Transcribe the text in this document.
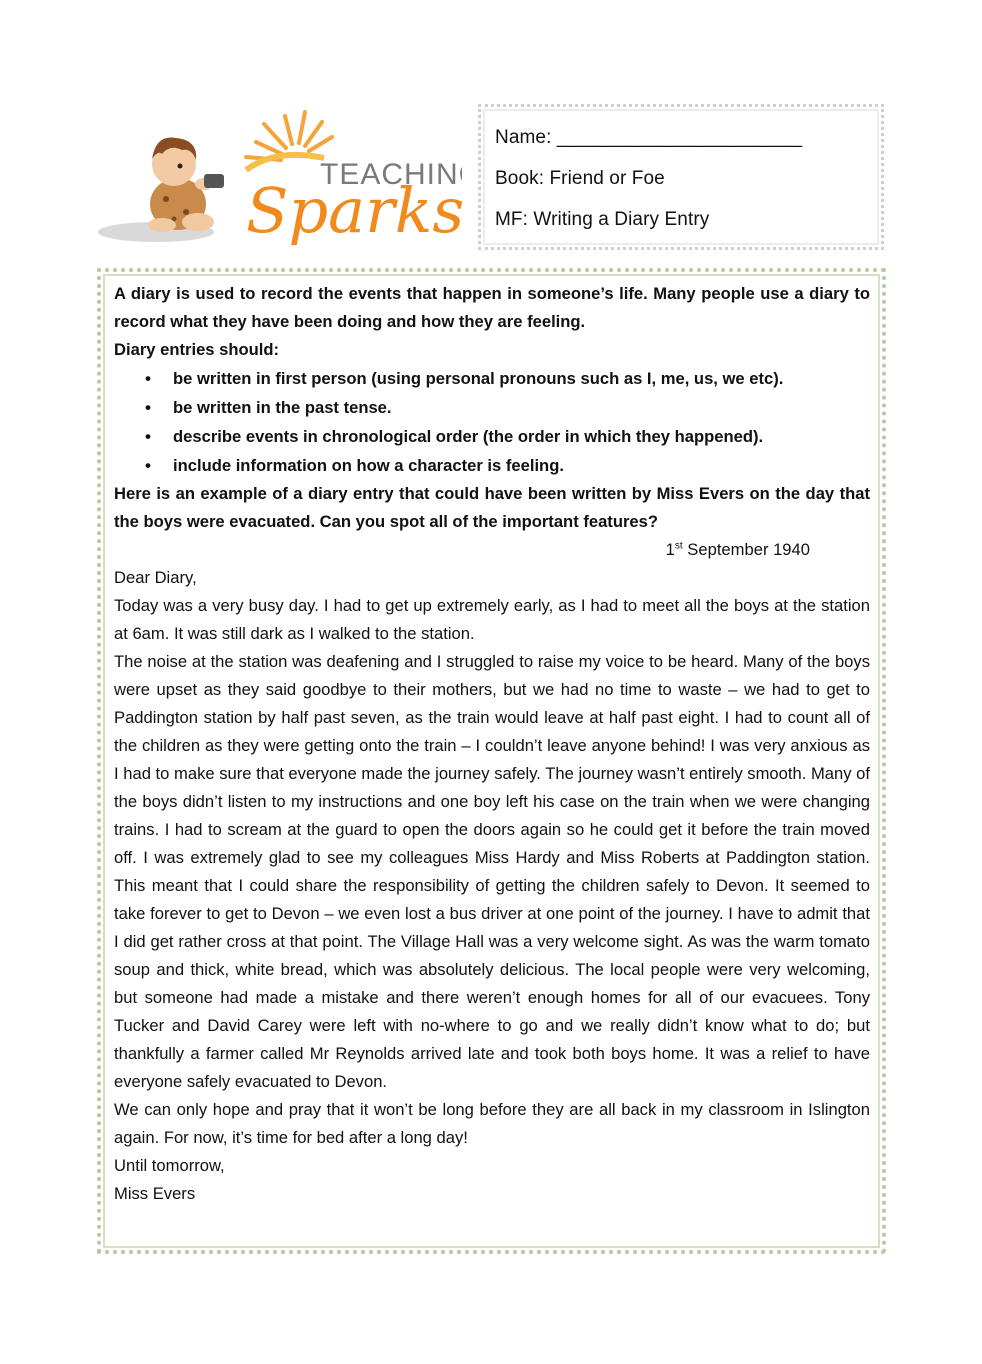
TEACHIN
Sparks
Name: _______________________
Book: Friend or Foe
MF: Writing a Diary Entry

A diary is used to record the events that happen in someone’s life. Many people use a diary to record what they have been doing and how they are feeling.

Diary entries should:

• be written in first person (using personal pronouns such as I, me, us, we etc).
• be written in the past tense.
• describe events in chronological order (the order in which they happened).
• include information on how a character is feeling.

Here is an example of a diary entry that could have been written by Miss Evers on the day that the boys were evacuated. Can you spot all of the important features?

1st September 1940

Dear Diary,

Today was a very busy day. I had to get up extremely early, as I had to meet all the boys at the station at 6am. It was still dark as I walked to the station.

The noise at the station was deafening and I struggled to raise my voice to be heard. Many of the boys were upset as they said goodbye to their mothers, but we had no time to waste – we had to get to Paddington station by half past seven, as the train would leave at half past eight. I had to count all of the children as they were getting onto the train – I couldn’t leave anyone behind! I was very anxious as I had to make sure that everyone made the journey safely. The journey wasn’t entirely smooth. Many of the boys didn’t listen to my instructions and one boy left his case on the train when we were changing trains. I had to scream at the guard to open the doors again so he could get it before the train moved off. I was extremely glad to see my colleagues Miss Hardy and Miss Roberts at Paddington station. This meant that I could share the responsibility of getting the children safely to Devon. It seemed to take forever to get to Devon – we even lost a bus driver at one point of the journey. I have to admit that I did get rather cross at that point. The Village Hall was a very welcome sight. As was the warm tomato soup and thick, white bread, which was absolutely delicious. The local people were very welcoming, but someone had made a mistake and there weren’t enough homes for all of our evacuees. Tony Tucker and David Carey were left with no-where to go and we really didn’t know what to do; but thankfully a farmer called Mr Reynolds arrived late and took both boys home. It was a relief to have everyone safely evacuated to Devon.

We can only hope and pray that it won’t be long before they are all back in my classroom in Islington again. For now, it’s time for bed after a long day!

Until tomorrow,

Miss Evers
